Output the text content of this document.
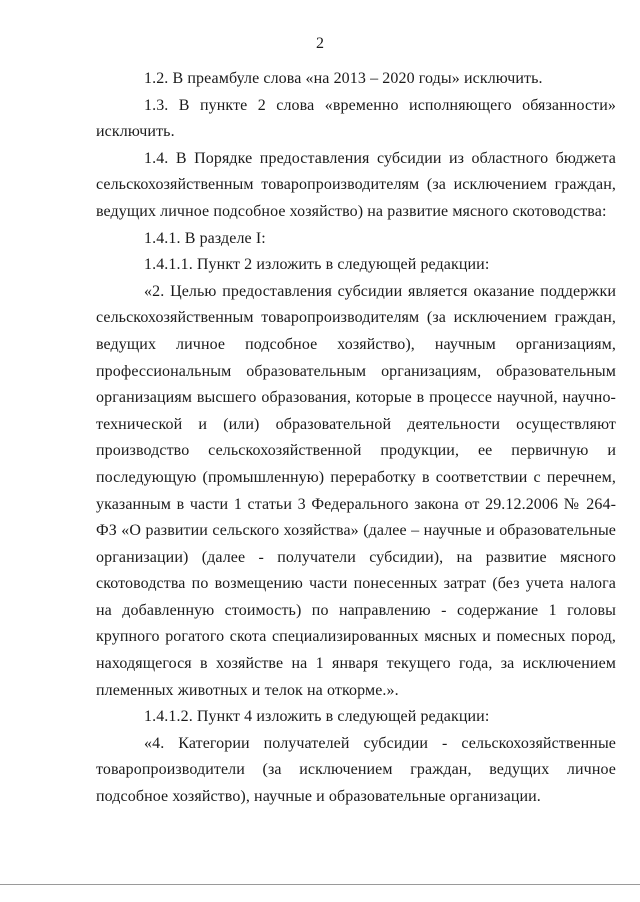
2

1.2. В преамбуле слова «на 2013 – 2020 годы» исключить.

1.3. В пункте 2 слова «временно исполняющего обязанности» исключить.

1.4. В Порядке предоставления субсидии из областного бюджета сельскохозяйственным товаропроизводителям (за исключением граждан, ведущих личное подсобное хозяйство) на развитие мясного скотоводства:

1.4.1. В разделе I:

1.4.1.1. Пункт 2 изложить в следующей редакции:

«2. Целью предоставления субсидии является оказание поддержки сельскохозяйственным товаропроизводителям (за исключением граждан, ведущих личное подсобное хозяйство), научным организациям, профессиональным образовательным организациям, образовательным организациям высшего образования, которые в процессе научной, научно-технической и (или) образовательной деятельности осуществляют производство сельскохозяйственной продукции, ее первичную и последующую (промышленную) переработку в соответствии с перечнем, указанным в части 1 статьи 3 Федерального закона от 29.12.2006 № 264-ФЗ «О развитии сельского хозяйства» (далее – научные и образовательные организации) (далее - получатели субсидии), на развитие мясного скотоводства по возмещению части понесенных затрат (без учета налога на добавленную стоимость) по направлению - содержание 1 головы крупного рогатого скота специализированных мясных и помесных пород, находящегося в хозяйстве на 1 января текущего года, за исключением племенных животных и телок на откорме.».

1.4.1.2. Пункт 4 изложить в следующей редакции:

«4. Категории получателей субсидии - сельскохозяйственные товаропроизводители (за исключением граждан, ведущих личное подсобное хозяйство), научные и образовательные организации.
